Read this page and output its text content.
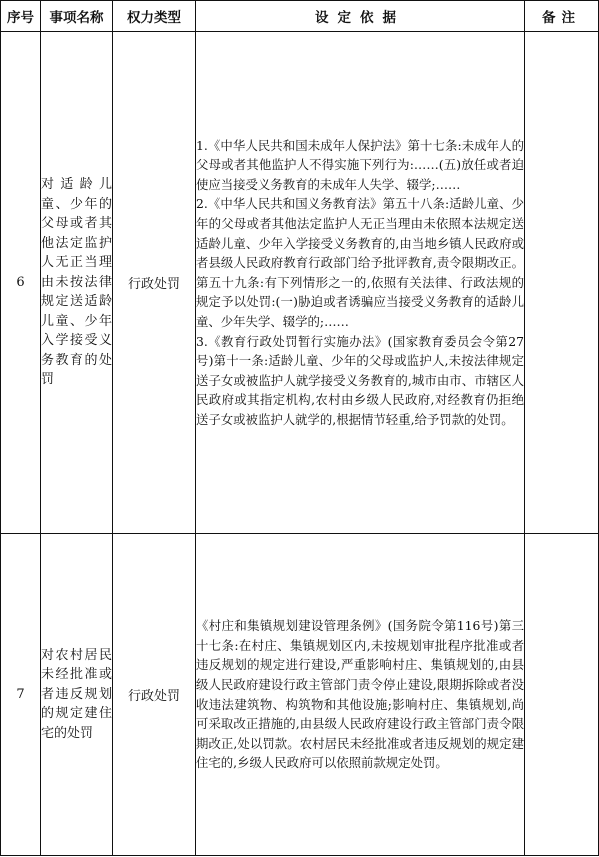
序号	事项名称	权力类型	设定依据	备注
6	对适龄儿童、少年的父母或者其他法定监护人无正当理由未按法律规定送适龄儿童、少年入学接受义务教育的处罚	行政处罚	1.《中华人民共和国未成年人保护法》第十七条:未成年人的父母或者其他监护人不得实施下列行为:……(五)放任或者迫使应当接受义务教育的未成年人失学、辍学;……

2.《中华人民共和国义务教育法》第五十八条:适龄儿童、少年的父母或者其他法定监护人无正当理由未依照本法规定送适龄儿童、少年入学接受义务教育的,由当地乡镇人民政府或者县级人民政府教育行政部门给予批评教育,责令限期改正。第五十九条:有下列情形之一的,依照有关法律、行政法规的规定予以处罚:(一)胁迫或者诱骗应当接受义务教育的适龄儿童、少年失学、辍学的;……

3.《教育行政处罚暂行实施办法》(国家教育委员会令第27号)第十一条:适龄儿童、少年的父母或监护人,未按法律规定送子女或被监护人就学接受义务教育的,城市由市、市辖区人民政府或其指定机构,农村由乡级人民政府,对经教育仍拒绝送子女或被监护人就学的,根据情节轻重,给予罚款的处罚。	

7	对农村居民未经批准或者违反规划的规定建住宅的处罚	行政处罚	《村庄和集镇规划建设管理条例》(国务院令第116号)第三十七条:在村庄、集镇规划区内,未按规划审批程序批准或者违反规划的规定进行建设,严重影响村庄、集镇规划的,由县级人民政府建设行政主管部门责令停止建设,限期拆除或者没收违法建筑物、构筑物和其他设施;影响村庄、集镇规划,尚可采取改正措施的,由县级人民政府建设行政主管部门责令限期改正,处以罚款。农村居民未经批准或者违反规划的规定建住宅的,乡级人民政府可以依照前款规定处罚。	
